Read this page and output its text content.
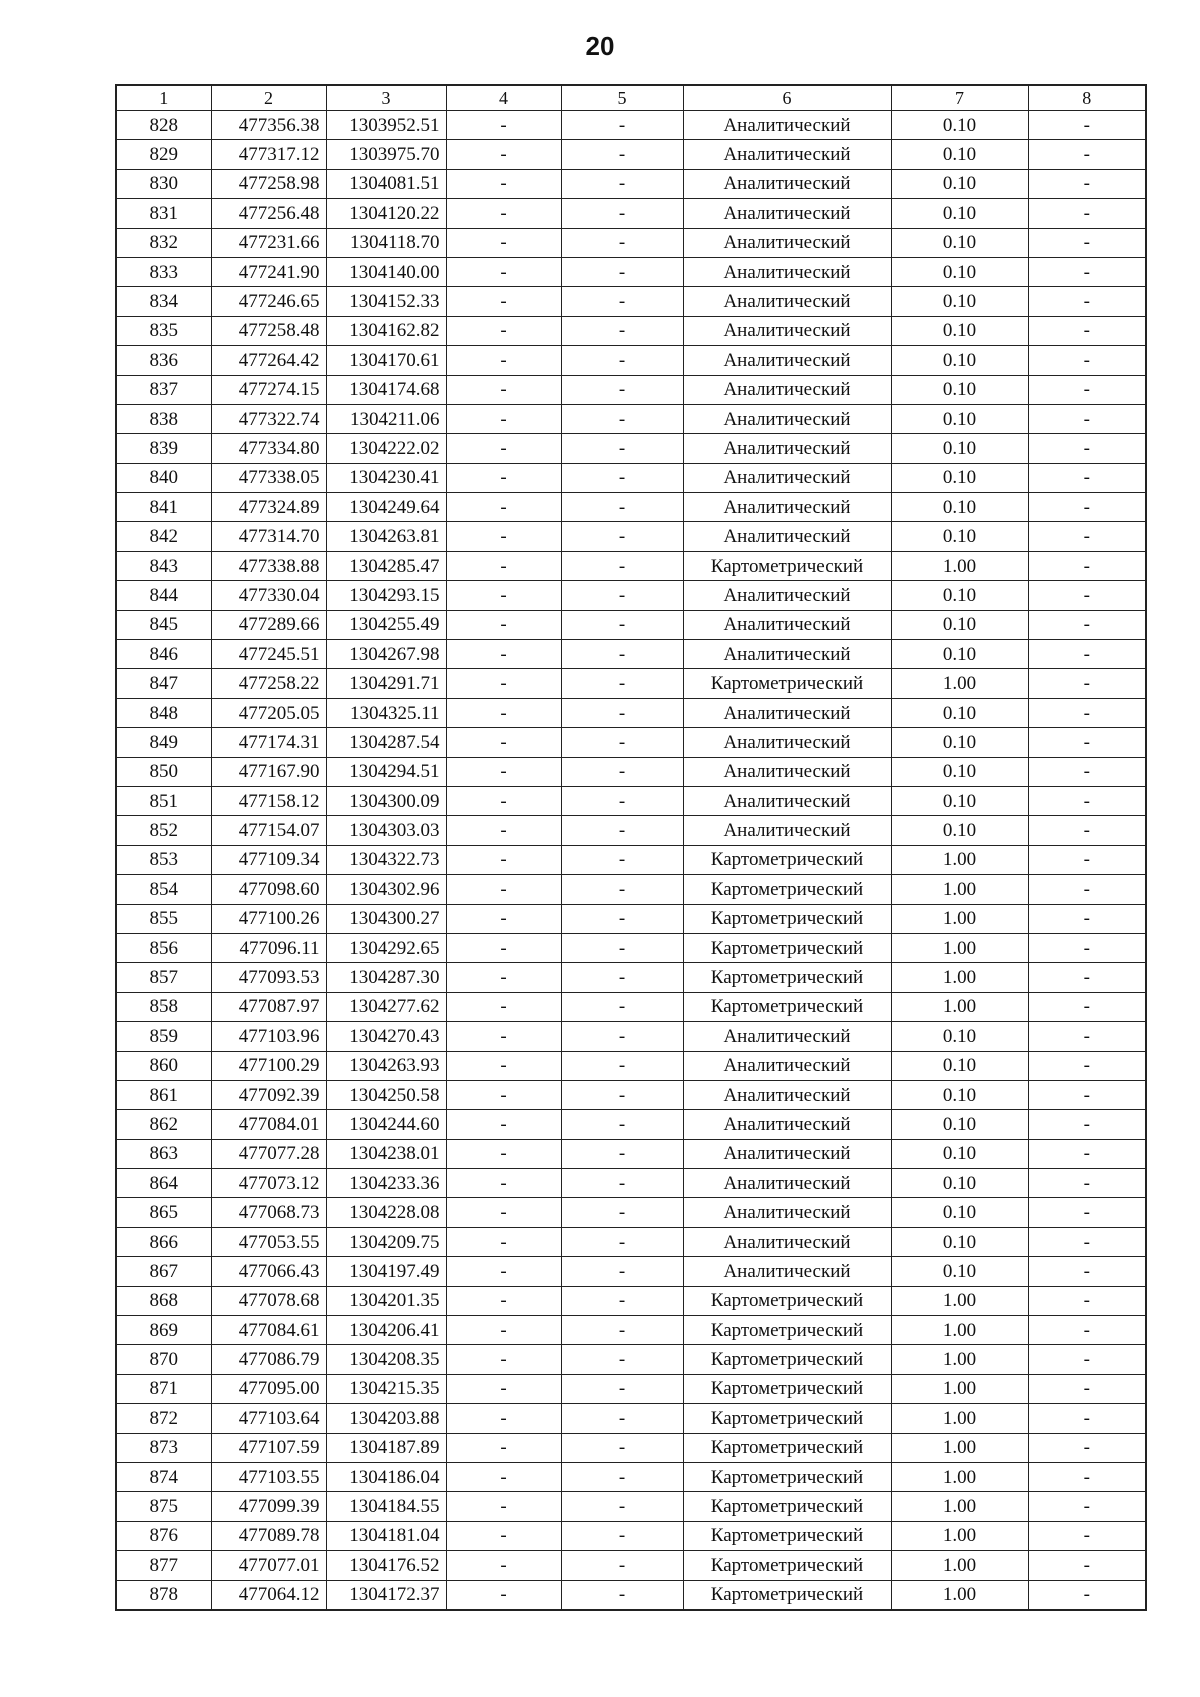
20
1	2	3	4	5	6	7	8
828	477356.38	1303952.51	-	-	Аналитический	0.10	-
829	477317.12	1303975.70	-	-	Аналитический	0.10	-
830	477258.98	1304081.51	-	-	Аналитический	0.10	-
831	477256.48	1304120.22	-	-	Аналитический	0.10	-
832	477231.66	1304118.70	-	-	Аналитический	0.10	-
833	477241.90	1304140.00	-	-	Аналитический	0.10	-
834	477246.65	1304152.33	-	-	Аналитический	0.10	-
835	477258.48	1304162.82	-	-	Аналитический	0.10	-
836	477264.42	1304170.61	-	-	Аналитический	0.10	-
837	477274.15	1304174.68	-	-	Аналитический	0.10	-
838	477322.74	1304211.06	-	-	Аналитический	0.10	-
839	477334.80	1304222.02	-	-	Аналитический	0.10	-
840	477338.05	1304230.41	-	-	Аналитический	0.10	-
841	477324.89	1304249.64	-	-	Аналитический	0.10	-
842	477314.70	1304263.81	-	-	Аналитический	0.10	-
843	477338.88	1304285.47	-	-	Картометрический	1.00	-
844	477330.04	1304293.15	-	-	Аналитический	0.10	-
845	477289.66	1304255.49	-	-	Аналитический	0.10	-
846	477245.51	1304267.98	-	-	Аналитический	0.10	-
847	477258.22	1304291.71	-	-	Картометрический	1.00	-
848	477205.05	1304325.11	-	-	Аналитический	0.10	-
849	477174.31	1304287.54	-	-	Аналитический	0.10	-
850	477167.90	1304294.51	-	-	Аналитический	0.10	-
851	477158.12	1304300.09	-	-	Аналитический	0.10	-
852	477154.07	1304303.03	-	-	Аналитический	0.10	-
853	477109.34	1304322.73	-	-	Картометрический	1.00	-
854	477098.60	1304302.96	-	-	Картометрический	1.00	-
855	477100.26	1304300.27	-	-	Картометрический	1.00	-
856	477096.11	1304292.65	-	-	Картометрический	1.00	-
857	477093.53	1304287.30	-	-	Картометрический	1.00	-
858	477087.97	1304277.62	-	-	Картометрический	1.00	-
859	477103.96	1304270.43	-	-	Аналитический	0.10	-
860	477100.29	1304263.93	-	-	Аналитический	0.10	-
861	477092.39	1304250.58	-	-	Аналитический	0.10	-
862	477084.01	1304244.60	-	-	Аналитический	0.10	-
863	477077.28	1304238.01	-	-	Аналитический	0.10	-
864	477073.12	1304233.36	-	-	Аналитический	0.10	-
865	477068.73	1304228.08	-	-	Аналитический	0.10	-
866	477053.55	1304209.75	-	-	Аналитический	0.10	-
867	477066.43	1304197.49	-	-	Аналитический	0.10	-
868	477078.68	1304201.35	-	-	Картометрический	1.00	-
869	477084.61	1304206.41	-	-	Картометрический	1.00	-
870	477086.79	1304208.35	-	-	Картометрический	1.00	-
871	477095.00	1304215.35	-	-	Картометрический	1.00	-
872	477103.64	1304203.88	-	-	Картометрический	1.00	-
873	477107.59	1304187.89	-	-	Картометрический	1.00	-
874	477103.55	1304186.04	-	-	Картометрический	1.00	-
875	477099.39	1304184.55	-	-	Картометрический	1.00	-
876	477089.78	1304181.04	-	-	Картометрический	1.00	-
877	477077.01	1304176.52	-	-	Картометрический	1.00	-
878	477064.12	1304172.37	-	-	Картометрический	1.00	-
